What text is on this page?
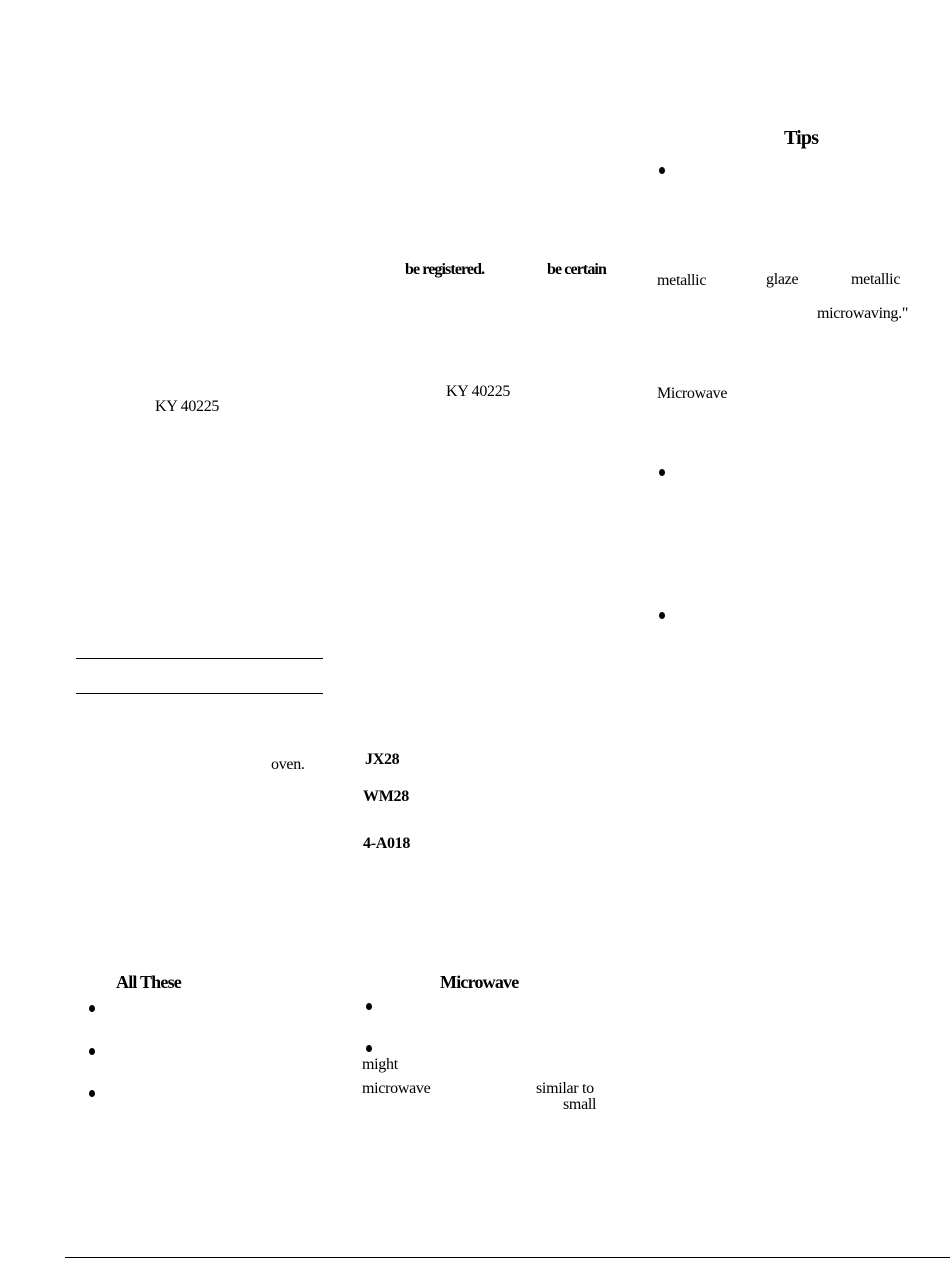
KY 40225
oven.
All These
be registered.	be certain
KY 40225
JX28
WM28
4-A018
Microwave
might
microwave	similar to
small
Tips
metallic	glaze	metallic
microwaving."
Microwave
